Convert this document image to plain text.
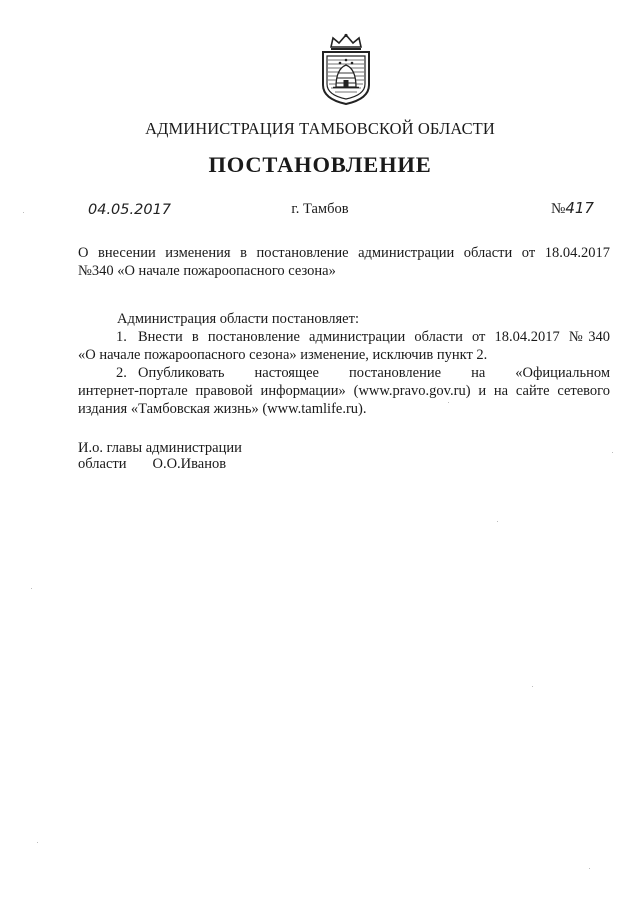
АДМИНИСТРАЦИЯ ТАМБОВСКОЙ ОБЛАСТИ
ПОСТАНОВЛЕНИЕ
04.05.2017	г. Тамбов	№417
О внесении изменения в постановление администрации области от 18.04.2017
№340 «О начале пожароопасного сезона»
Администрация области постановляет:
1. Внести в постановление администрации области от 18.04.2017 №340
«О начале пожароопасного сезона» изменение, исключив пункт 2.
2. Опубликовать настоящее постановление на «Официальном
интернет-портале правовой информации» (www.pravo.gov.ru) и на сайте сетевого
издания «Тамбовская жизнь» (www.tamlife.ru).
И.о. главы администрации
области О.О.Иванов
